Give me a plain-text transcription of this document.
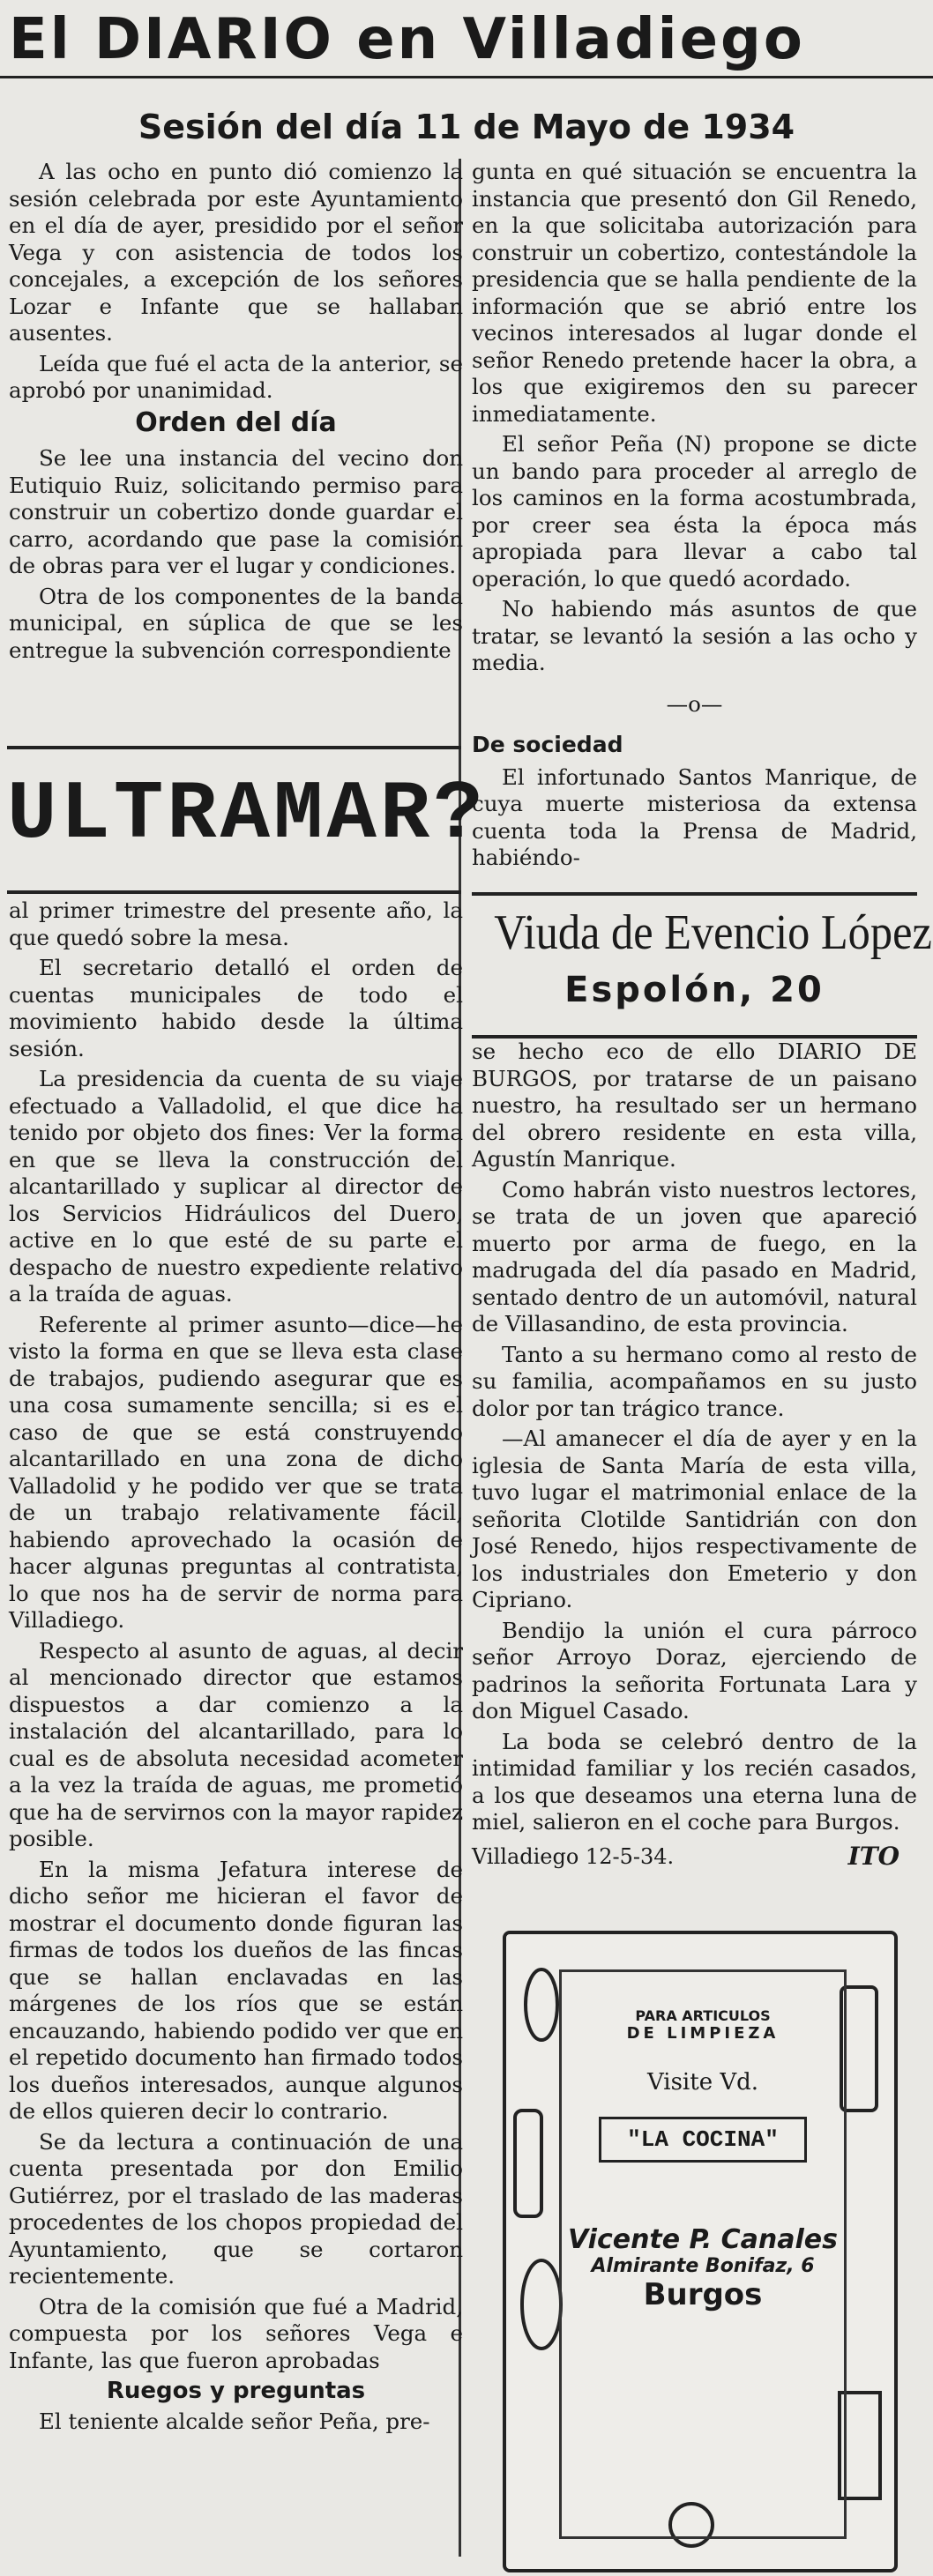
El DIARIO en Villadiego
Sesión del día 11 de Mayo de 1934

A las ocho en punto dió comienzo la sesión celebrada por este Ayuntamiento en el día de ayer, presidido por el señor Vega y con asistencia de todos los concejales, a excepción de los señores Lozar e Infante que se hallaban ausentes.

Leída que fué el acta de la anterior, se aprobó por unanimidad.

Orden del día

Se lee una instancia del vecino don Eutiquio Ruiz, solicitando permiso para construir un cobertizo donde guardar el carro, acordando que pase la comisión de obras para ver el lugar y condiciones.

Otra de los componentes de la banda municipal, en súplica de que se les entregue la subvención correspondiente

ULTRAMAR?

al primer trimestre del presente año, la que quedó sobre la mesa.

El secretario detalló el orden de cuentas municipales de todo el movimiento habido desde la última sesión.

La presidencia da cuenta de su viaje efectuado a Valladolid, el que dice ha tenido por objeto dos fines: Ver la forma en que se lleva la construcción del alcantarillado y suplicar al director de los Servicios Hidráulicos del Duero, active en lo que esté de su parte el despacho de nuestro expediente relativo a la traída de aguas.

Referente al primer asunto—dice—he visto la forma en que se lleva esta clase de trabajos, pudiendo asegurar que es una cosa sumamente sencilla; si es el caso de que se está construyendo alcantarillado en una zona de dicho Valladolid y he podido ver que se trata de un trabajo relativamente fácil, habiendo aprovechado la ocasión de hacer algunas preguntas al contratista, lo que nos ha de servir de norma para Villadiego.

Respecto al asunto de aguas, al decir al mencionado director que estamos dispuestos a dar comienzo a la instalación del alcantarillado, para lo cual es de absoluta necesidad acometer a la vez la traída de aguas, me prometió que ha de servirnos con la mayor rapidez posible.

En la misma Jefatura interese de dicho señor me hicieran el favor de mostrar el documento donde figuran las firmas de todos los dueños de las fincas que se hallan enclavadas en las márgenes de los ríos que se están encauzando, habiendo podido ver que en el repetido documento han firmado todos los dueños interesados, aunque algunos de ellos quieren decir lo contrario.

Se da lectura a continuación de una cuenta presentada por don Emilio Gutiérrez, por el traslado de las maderas procedentes de los chopos propiedad del Ayuntamiento, que se cortaron recientemente.

Otra de la comisión que fué a Madrid, compuesta por los señores Vega e Infante, las que fueron aprobadas

Ruegos y preguntas

El teniente alcalde señor Peña, pre-

gunta en qué situación se encuentra la instancia que presentó don Gil Renedo, en la que solicitaba autorización para construir un cobertizo, contestándole la presidencia que se halla pendiente de la información que se abrió entre los vecinos interesados al lugar donde el señor Renedo pretende hacer la obra, a los que exigiremos den su parecer inmediatamente.

El señor Peña (N) propone se dicte un bando para proceder al arreglo de los caminos en la forma acostumbrada, por creer sea ésta la época más apropiada para llevar a cabo tal operación, lo que quedó acordado.

No habiendo más asuntos de que tratar, se levantó la sesión a las ocho y media.

—o—
De sociedad

El infortunado Santos Manrique, de cuya muerte misteriosa da extensa cuenta toda la Prensa de Madrid, habiéndo-

Viuda de Evencio López
Espolón, 20

se hecho eco de ello DIARIO DE BURGOS, por tratarse de un paisano nuestro, ha resultado ser un hermano del obrero residente en esta villa, Agustín Manrique.

Como habrán visto nuestros lectores, se trata de un joven que apareció muerto por arma de fuego, en la madrugada del día pasado en Madrid, sentado dentro de un automóvil, natural de Villasandino, de esta provincia.

Tanto a su hermano como al resto de su familia, acompañamos en su justo dolor por tan trágico trance.

—Al amanecer el día de ayer y en la iglesia de Santa María de esta villa, tuvo lugar el matrimonial enlace de la señorita Clotilde Santidrián con don José Renedo, hijos respectivamente de los industriales don Emeterio y don Cipriano.

Bendijo la unión el cura párroco señor Arroyo Doraz, ejerciendo de padrinos la señorita Fortunata Lara y don Miguel Casado.

La boda se celebró dentro de la intimidad familiar y los recién casados, a los que deseamos una eterna luna de miel, salieron en el coche para Burgos.

Villadiego 12-5-34.	ITO
PARA ARTICULOS
DE LIMPIEZA
Visite Vd.
"LA COCINA"
Vicente P. Canales
Almirante Bonifaz, 6
Burgos
